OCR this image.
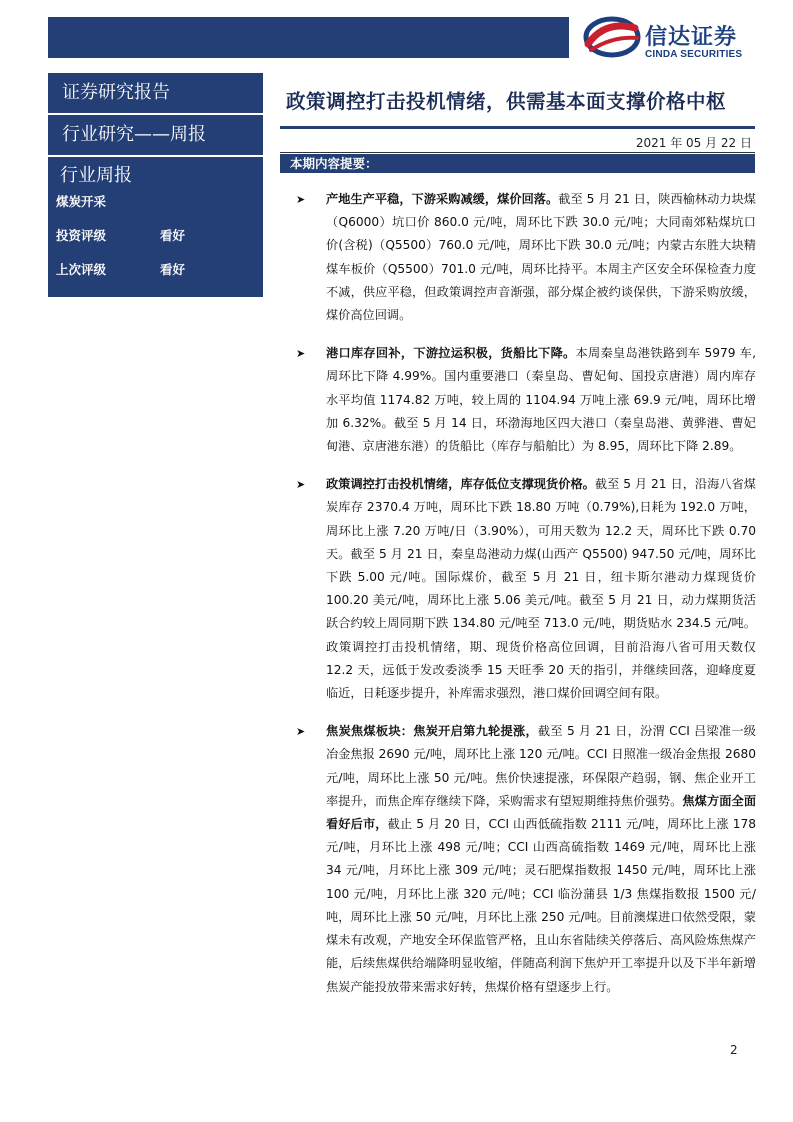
信达证券
CINDA SECURITIES
证券研究报告
行业研究——周报
行业周报
煤炭开采
投资评级	看好
上次评级	看好
政策调控打击投机情绪，供需基本面支撑价格中枢
2021 年 05 月 22 日
本期内容提要：
➤ 产地生产平稳，下游采购减缓，煤价回落。截至 5 月 21 日，陕西榆林动力块煤（Q6000）坑口价 860.0 元/吨，周环比下跌 30.0 元/吨；大同南郊粘煤坑口价(含税)（Q5500）760.0 元/吨，周环比下跌 30.0 元/吨；内蒙古东胜大块精煤车板价（Q5500）701.0 元/吨，周环比持平。本周主产区安全环保检查力度不减，供应平稳，但政策调控声音渐强，部分煤企被约谈保供，下游采购放缓，煤价高位回调。
➤ 港口库存回补，下游拉运积极，货船比下降。本周秦皇岛港铁路到车 5979 车,周环比下降 4.99%。国内重要港口（秦皇岛、曹妃甸、国投京唐港）周内库存水平均值 1174.82 万吨，较上周的 1104.94 万吨上涨 69.9 元/吨，周环比增加 6.32%。截至 5 月 14 日，环渤海地区四大港口（秦皇岛港、黄骅港、曹妃甸港、京唐港东港）的货船比（库存与船舶比）为 8.95，周环比下降 2.89。
➤ 政策调控打击投机情绪，库存低位支撑现货价格。截至 5 月 21 日，沿海八省煤炭库存 2370.4 万吨，周环比下跌 18.80 万吨（0.79%),日耗为 192.0 万吨，周环比上涨 7.20 万吨/日（3.90%），可用天数为 12.2 天，周环比下跌 0.70 天。截至 5 月 21 日，秦皇岛港动力煤(山西产 Q5500) 947.50 元/吨，周环比下跌 5.00 元/吨。国际煤价，截至 5 月 21 日，纽卡斯尔港动力煤现货价 100.20 美元/吨，周环比上涨 5.06 美元/吨。截至 5 月 21 日，动力煤期货活跃合约较上周同期下跌 134.80 元/吨至 713.0 元/吨，期货贴水 234.5 元/吨。政策调控打击投机情绪，期、现货价格高位回调，目前沿海八省可用天数仅 12.2 天，远低于发改委淡季 15 天旺季 20 天的指引，并继续回落，迎峰度夏临近，日耗逐步提升，补库需求强烈，港口煤价回调空间有限。
➤ 焦炭焦煤板块：焦炭开启第九轮提涨，截至 5 月 21 日，汾渭 CCI 吕梁准一级冶金焦报 2690 元/吨，周环比上涨 120 元/吨。CCI 日照准一级冶金焦报 2680 元/吨，周环比上涨 50 元/吨。焦价快速提涨，环保限产趋弱，钢、焦企业开工率提升，而焦企库存继续下降，采购需求有望短期维持焦价强势。焦煤方面全面看好后市，截止 5 月 20 日，CCI 山西低硫指数 2111 元/吨，周环比上涨 178 元/吨，月环比上涨 498 元/吨；CCI 山西高硫指数 1469 元/吨，周环比上涨 34 元/吨，月环比上涨 309 元/吨；灵石肥煤指数报 1450 元/吨，周环比上涨 100 元/吨，月环比上涨 320 元/吨；CCI 临汾蒲县 1/3 焦煤指数报 1500 元/吨，周环比上涨 50 元/吨，月环比上涨 250 元/吨。目前澳煤进口依然受限，蒙煤未有改观，产地安全环保监管严格，且山东省陆续关停落后、高风险炼焦煤产能，后续焦煤供给端降明显收缩，伴随高利润下焦炉开工率提升以及下半年新增焦炭产能投放带来需求好转，焦煤价格有望逐步上行。
2
